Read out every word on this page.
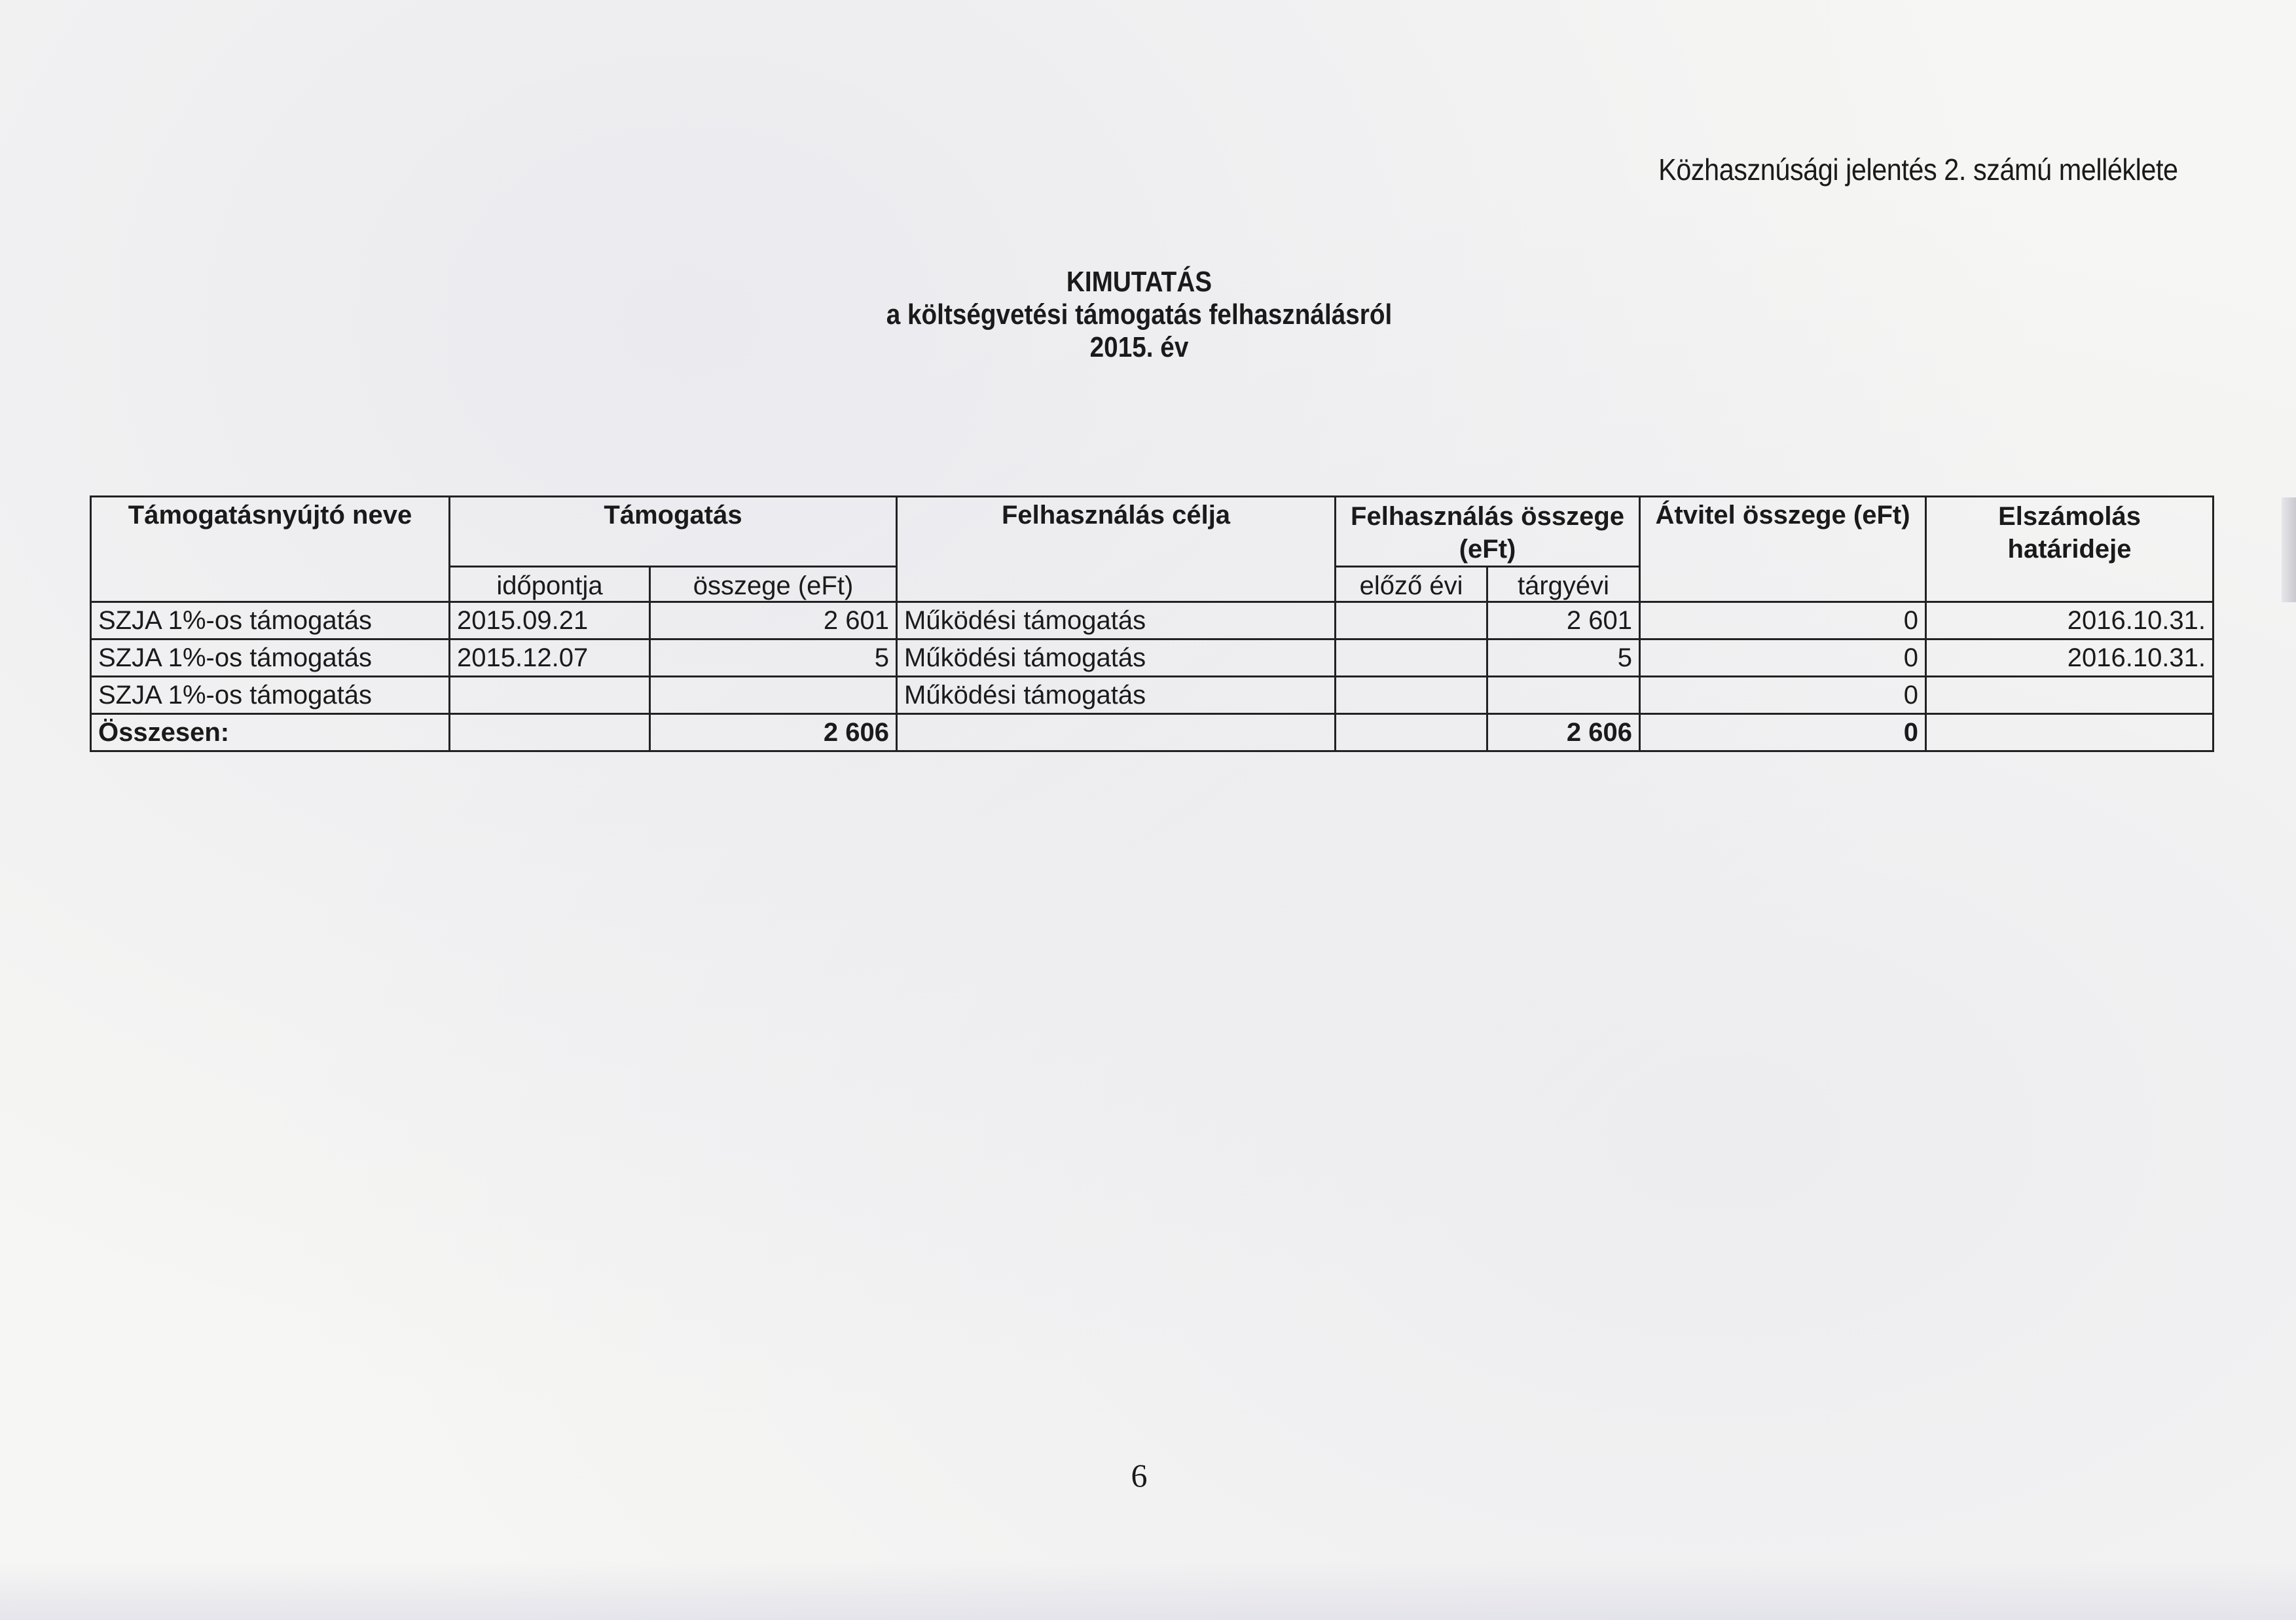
Közhasznúsági jelentés 2. számú melléklete
KIMUTATÁS
a költségvetési támogatás felhasználásról
2015. év
Támogatásnyújtó neve	Támogatás		Felhasználás célja	Felhasználás összege (eFt)		Átvitel összege (eFt)	Elszámolás határideje

	időpontja	összege (eFt)		előző évi	tárgyévi		
SZJA 1%-os támogatás	2015.09.21	2 601	Működési támogatás		2 601	0	2016.10.31.
SZJA 1%-os támogatás	2015.12.07	5	Működési támogatás		5	0	2016.10.31.
SZJA 1%-os támogatás			Működési támogatás			0	
Összesen:		2 606			2 606	0	
6
